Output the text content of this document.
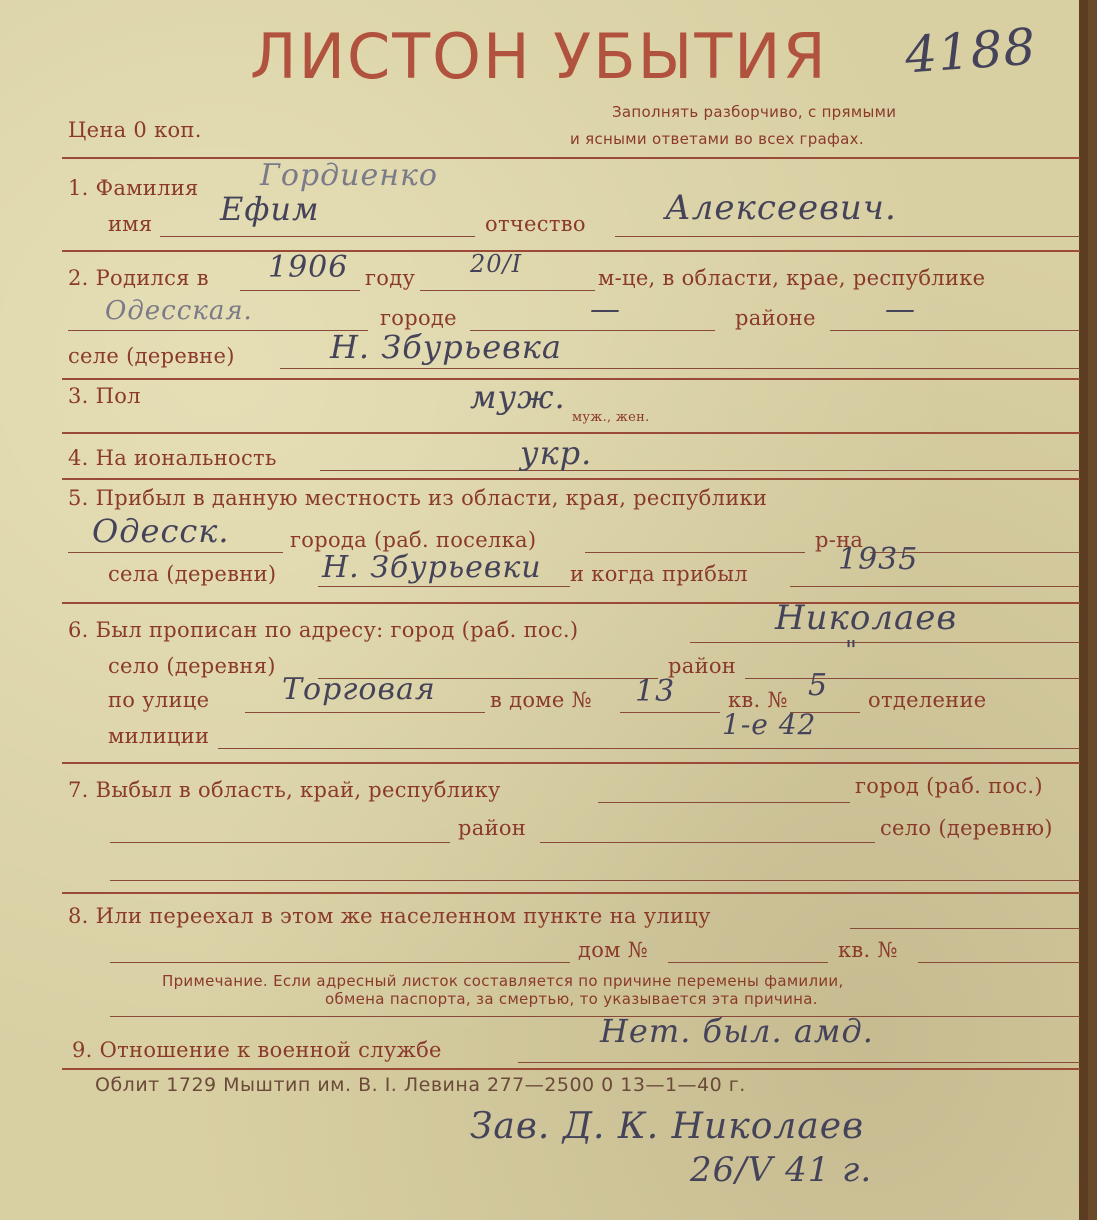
ЛИСТОН УБЫТИЯ 4188
Цена 0 коп.
Заполнять разборчиво, с прямыми
и ясными ответами во всех графах.
1. Фамилия Гордиенко
имя Ефим	отчество Алексеевич.
2. Родился в 1906 году 20/I	м-це, в области, крае, республике
Одесская.	городе	—	районе —
селе (деревне)	Н. Збурьевка
3. Пол	муж.
муж., жен.
4. На иональность	укр.
5. Прибыл в данную местность из области, края, республики
Одесск.	города (раб. поселка)	р-на
села (деревни) Н. Збурьевки и когда прибыл	1935
6. Был прописан по адресу: город (раб. пос.)	Николаев
село (деревня)	район	"
по улице Торговая	в доме № 13	кв. № 5 отделение
милиции	1-е 42
7. Выбыл в область, край, республику	город (раб. пос.)
район	село (деревню)
8. Или переехал в этом же населенном пункте на улицу
дом №	кв. №
Примечание. Если адресный листок составляется по причине перемены фамилии,
обмена паспорта, за смертью, то указывается эта причина.
9. Отношение к военной службе	Нет. был. амд.
Облит 1729 Мыштип им. В. І. Левина 277—2500 0 13—1—40 г.
Зав. Д. К. Николаев
26/V 41 г.
